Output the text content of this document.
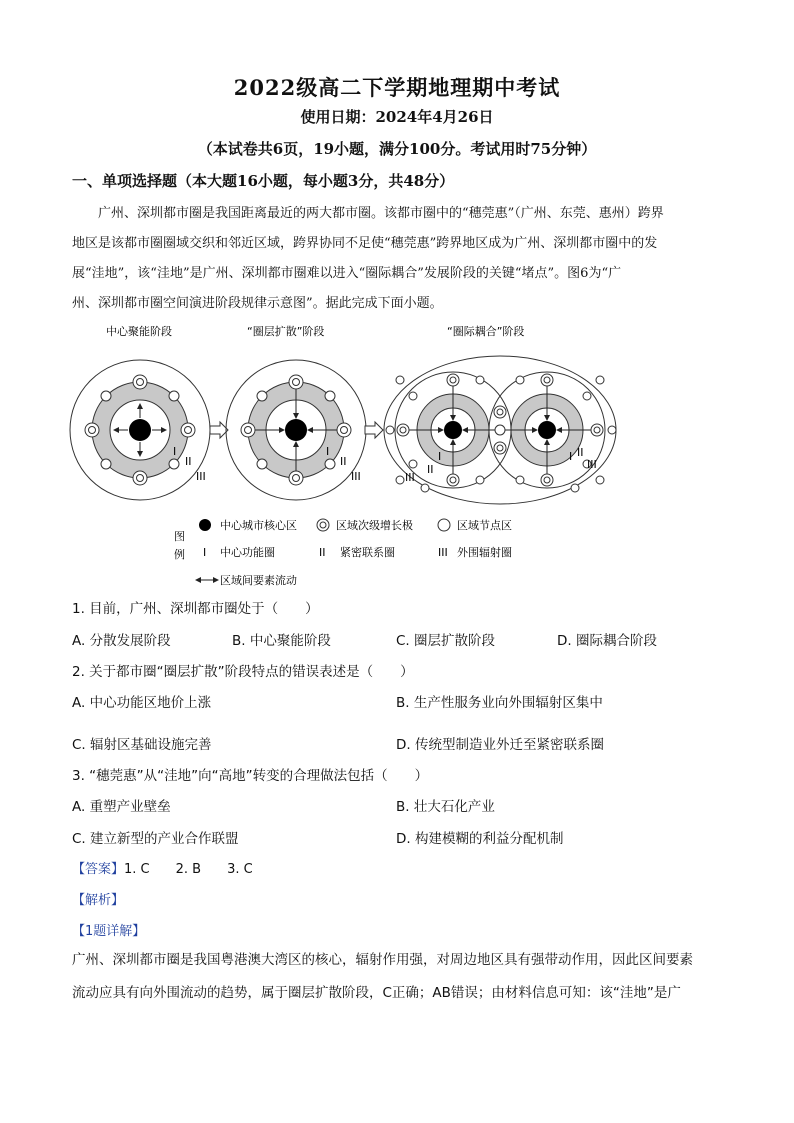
2022级高二下学期地理期中考试
使用日期：2024年4月26日
（本试卷共6页，19小题，满分100分。考试用时75分钟）
一、单项选择题（本大题16小题，每小题3分，共48分）
广州、深圳都市圈是我国距离最近的两大都市圈。该都市圈中的“穗莞惠”（广州、东莞、惠州）跨界
地区是该都市圈圈域交织和邻近区域，跨界协同不足使“穗莞惠”跨界地区成为广州、深圳都市圈中的发
展“洼地”，该“洼地”是广州、深圳都市圈难以进入“圈际耦合”发展阶段的关键“堵点”。图6为“广
州、深圳都市圈空间演进阶段规律示意图”。据此完成下面小题。
中心聚能阶段	“圈层扩散”阶段	“圈际耦合”阶段
I
II
III
I
II
III
I
II
III
I II
III
图
例
中心城市核心区	区域次级增长极	区域节点区
I 中心功能圈	II 紧密联系圈	III 外围辐射圈
区域间要素流动
1. 目前，广州、深圳都市圈处于（　　）
A. 分散发展阶段	B. 中心聚能阶段	C. 圈层扩散阶段	D. 圈际耦合阶段
2. 关于都市圈“圈层扩散”阶段特点的错误表述是（　　）
A. 中心功能区地价上涨	B. 生产性服务业向外围辐射区集中
C. 辐射区基础设施完善	D. 传统型制造业外迁至紧密联系圈
3. “穗莞惠”从“洼地”向“高地”转变的合理做法包括（　　）
A. 重塑产业壁垒	B. 壮大石化产业
C. 建立新型的产业合作联盟	D. 构建模糊的利益分配机制
【答案】1. C 2. B 3. C
【解析】
【1题详解】
广州、深圳都市圈是我国粤港澳大湾区的核心，辐射作用强，对周边地区具有强带动作用，因此区间要素
流动应具有向外围流动的趋势，属于圈层扩散阶段，C正确；AB错误；由材料信息可知：该“洼地”是广
